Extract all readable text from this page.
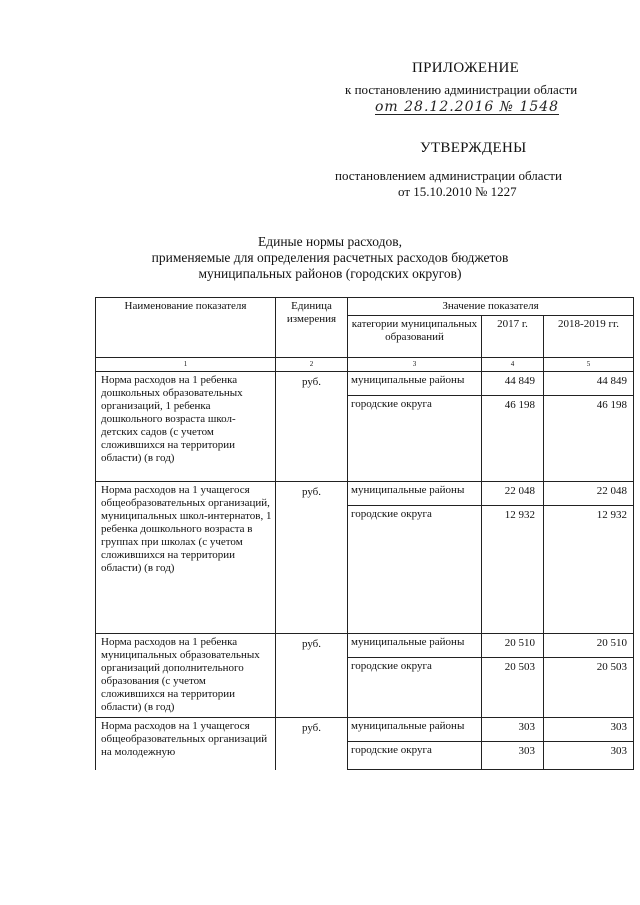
ПРИЛОЖЕНИЕ
к постановлению администрации области
от 28.12.2016 № 1548
УТВЕРЖДЕНЫ
постановлением администрации области
от 15.10.2010 № 1227
Единые нормы расходов,
применяемые для определения расчетных расходов бюджетов
муниципальных районов (городских округов)
Наименование показателя	Единица измерения	Значение показателя		
		категории муниципальных образований	2017 г.	2018-2019 гг.
1	2	3	4	5
Норма расходов на 1 ребенка дошкольных образовательных организаций, 1 ребенка дошкольного возраста школ-детских садов (с учетом сложившихся на территории области) (в год)	руб.	муниципальные районы	44 849	44 849
		городские округа	46 198	46 198
Норма расходов на 1 учащегося общеобразовательных организаций, муниципальных школ-интернатов, 1 ребенка дошкольного возраста в группах при школах (с учетом сложившихся на территории области) (в год)	руб.	муниципальные районы	22 048	22 048
		городские округа	12 932	12 932
Норма расходов на 1 ребенка муниципальных образовательных организаций дополнительного образования (с учетом сложившихся на территории области) (в год)	руб.	муниципальные районы	20 510	20 510
		городские округа	20 503	20 503
Норма расходов на 1 учащегося общеобразовательных организаций на молодежную	руб.	муниципальные районы	303	303
		городские округа	303	303
